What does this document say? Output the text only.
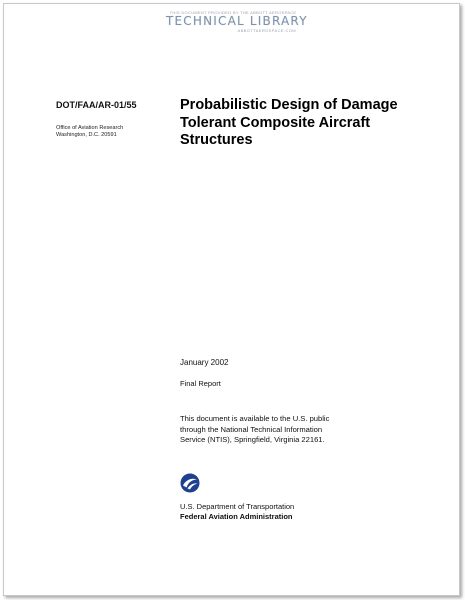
THIS DOCUMENT PROVIDED BY THE ABBOTT AEROSPACE
TECHNICAL LIBRARY
ABBOTTAEROSPACE.COM
DOT/FAA/AR-01/55
Office of Aviation Research
Washington, D.C. 20591
Probabilistic Design of Damage
Tolerant Composite Aircraft
Structures
January 2002
Final Report
This document is available to the U.S. public
through the National Technical Information
Service (NTIS), Springfield, Virginia 22161.
U.S. Department of Transportation
Federal Aviation Administration
